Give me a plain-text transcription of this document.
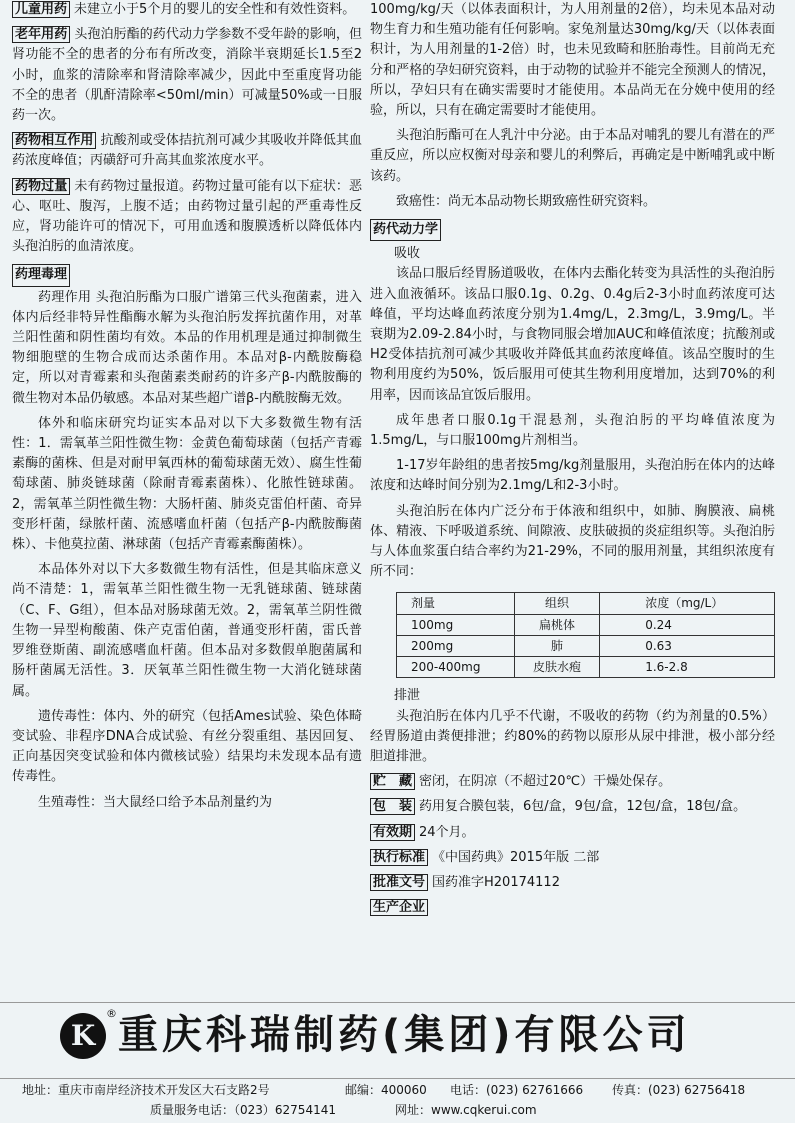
儿童用药 未建立小于5个月的婴儿的安全性和有效性资料。

老年用药 头孢泊肟酯的药代动力学参数不受年龄的影响，但肾功能不全的患者的分布有所改变，消除半衰期延长1.5至2小时，血浆的清除率和肾清除率减少，因此中至重度肾功能不全的患者（肌酐清除率<50ml/min）可减量50%或一日服药一次。

药物相互作用 抗酸剂或受体拮抗剂可减少其吸收并降低其血药浓度峰值；丙磺舒可升高其血浆浓度水平。

药物过量 未有药物过量报道。药物过量可能有以下症状：恶心、呕吐、腹泻，上腹不适；由药物过量引起的严重毒性反应，肾功能许可的情况下，可用血透和腹膜透析以降低体内头孢泊肟的血清浓度。

药理毒理

药理作用 头孢泊肟酯为口服广谱第三代头孢菌素，进入体内后经非特异性酯酶水解为头孢泊肟发挥抗菌作用，对革兰阳性菌和阴性菌均有效。本品的作用机理是通过抑制微生物细胞壁的生物合成而达杀菌作用。本品对β-内酰胺酶稳定，所以对青霉素和头孢菌素类耐药的许多产β-内酰胺酶的微生物对本品仍敏感。本品对某些超广谱β-内酰胺酶无效。

体外和临床研究均证实本品对以下大多数微生物有活性：1．需氧革兰阳性微生物：金黄色葡萄球菌（包括产青霉素酶的菌株、但是对耐甲氧西林的葡萄球菌无效）、腐生性葡萄球菌、肺炎链球菌（除耐青霉素菌株）、化脓性链球菌。2，需氧革兰阴性微生物：大肠杆菌、肺炎克雷伯杆菌、奇异变形杆菌，绿脓杆菌、流感嗜血杆菌（包括产β-内酰胺酶菌株）、卡他莫拉菌、淋球菌（包括产青霉素酶菌株）。

本品体外对以下大多数微生物有活性，但是其临床意义尚不清楚：1，需氧革兰阳性微生物一无乳链球菌、链球菌（C、F、G组），但本品对肠球菌无效。2，需氧革兰阴性微生物一异型枸酸菌、侏产克雷伯菌，普通变形杆菌，雷氏普罗维登斯菌、副流感嗜血杆菌。但本品对多数假单胞菌属和肠杆菌属无活性。3．厌氧革兰阳性微生物一大消化链球菌属。

遗传毒性：体内、外的研究（包括Ames试验、染色体畸变试验、非程序DNA合成试验、有丝分裂重组、基因回复、正向基因突变试验和体内微核试验）结果均未发现本品有遗传毒性。

生殖毒性：当大鼠经口给予本品剂量约为

100mg/kg/天（以体表面积计，为人用剂量的2倍），均未见本品对动物生育力和生殖功能有任何影响。家兔剂量达30mg/kg/天（以体表面积计，为人用剂量的1-2倍）时，也未见致畸和胚胎毒性。目前尚无充分和严格的孕妇研究资料，由于动物的试验并不能完全预测人的情况，所以，孕妇只有在确实需要时才能使用。本品尚无在分娩中使用的经验，所以，只有在确定需要时才能使用。

头孢泊肟酯可在人乳汁中分泌。由于本品对哺乳的婴儿有潜在的严重反应，所以应权衡对母亲和婴儿的利弊后，再确定是中断哺乳或中断该药。

致癌性：尚无本品动物长期致癌性研究资料。

药代动力学

吸收

该品口服后经胃肠道吸收，在体内去酯化转变为具活性的头孢泊肟进入血液循环。该品口服0.1g、0.2g、0.4g后2-3小时血药浓度可达峰值，平均达峰血药浓度分别为1.4mg/L，2.3mg/L，3.9mg/L。半衰期为2.09-2.84小时，与食物同服会增加AUC和峰值浓度；抗酸剂或H2受体拮抗剂可减少其吸收并降低其血药浓度峰值。该品空腹时的生物利用度约为50%，饭后服用可使其生物利用度增加，达到70%的利用率，因而该品宜饭后服用。

成年患者口服0.1g干混悬剂，头孢泊肟的平均峰值浓度为1.5mg/L，与口服100mg片剂相当。

1-17岁年龄组的患者按5mg/kg剂量服用，头孢泊肟在体内的达峰浓度和达峰时间分别为2.1mg/L和2-3小时。

头孢泊肟在体内广泛分布于体液和组织中，如肺、胸膜液、扁桃体、精液、下呼吸道系统、间隙液、皮肤破损的炎症组织等。头孢泊肟与人体血浆蛋白结合率约为21-29%，不同的服用剂量，其组织浓度有所不同：

剂量	组织	浓度（mg/L）
100mg	扁桃体	0.24
200mg	肺	0.63
200-400mg	皮肤水疱	1.6-2.8

排泄

头孢泊肟在体内几乎不代谢，不吸收的药物（约为剂量的0.5%）经胃肠道由粪便排泄；约80%的药物以原形从尿中排泄，极小部分经胆道排泄。

贮　藏 密闭，在阴凉（不超过20℃）干燥处保存。

包　装 药用复合膜包装，6包/盒，9包/盒，12包/盒，18包/盒。

有效期 24个月。

执行标准 《中国药典》2015年版 二部

批准文号 国药准字H20174112

生产企业

K
® 重庆科瑞制药(集团)有限公司
地址：重庆市南岸经济技术开发区大石支路2号	邮编：400060 电话：(023) 62761666 传真：(023) 62756418
质量服务电话：（023）62754141	网址：www.cqkerui.com
